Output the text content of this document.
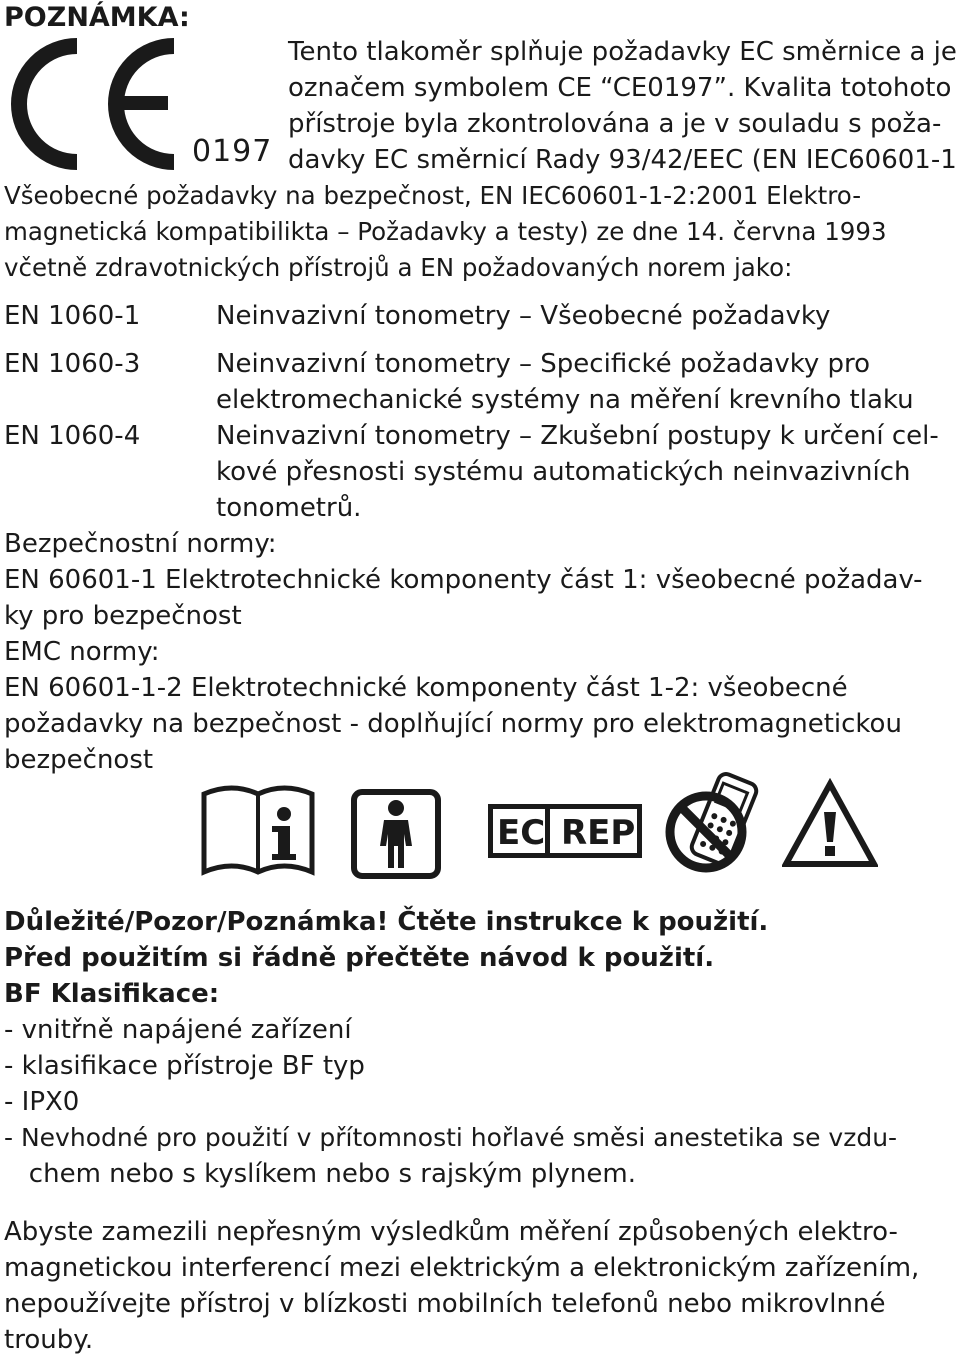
POZNÁMKA:
0197
Tento tlakoměr splňuje požadavky EC směrnice a je
označem symbolem CE “CE0197”. Kvalita totohoto
přístroje byla zkontrolována a je v souladu s poža-
davky EC směrnicí Rady 93/42/EEC (EN IEC60601-1
Všeobecné požadavky na bezpečnost, EN IEC60601-1-2:2001 Elektro-
magnetická kompatibilikta – Požadavky a testy) ze dne 14. června 1993
včetně zdravotnických přístrojů a EN požadovaných norem jako:
EN 1060-1	Neinvazivní tonometry – Všeobecné požadavky
EN 1060-3	Neinvazivní tonometry – Specifické požadavky pro
elektromechanické systémy na měření krevního tlaku
EN 1060-4	Neinvazivní tonometry – Zkušební postupy k určení cel-
kové přesnosti systému automatických neinvazivních
tonometrů.
Bezpečnostní normy:
EN 60601-1 Elektrotechnické komponenty část 1: všeobecné požadav-
ky pro bezpečnost
EMC normy:
EN 60601-1-2 Elektrotechnické komponenty část 1-2: všeobecné
požadavky na bezpečnost - doplňující normy pro elektromagnetickou
bezpečnost
EC REP
Důležité/Pozor/Poznámka! Čtěte instrukce k použití.
Před použitím si řádně přečtěte návod k použití.
BF Klasifikace:
- vnitřně napájené zařízení
- klasifikace přístroje BF typ
- IPX0
- Nevhodné pro použití v přítomnosti hořlavé směsi anestetika se vzdu-
chem nebo s kyslíkem nebo s rajským plynem.
Abyste zamezili nepřesným výsledkům měření způsobených elektro-
magnetickou interferencí mezi elektrickým a elektronickým zařízením,
nepoužívejte přístroj v blízkosti mobilních telefonů nebo mikrovlnné
trouby.
